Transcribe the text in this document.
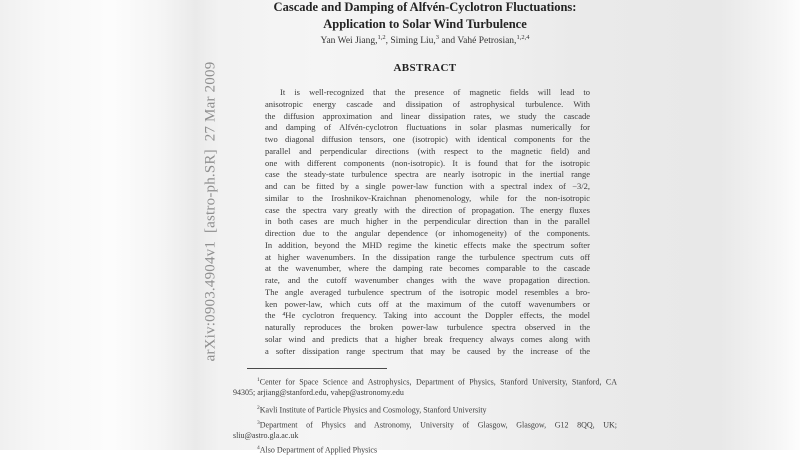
arXiv:0903.4904v1  [astro-ph.SR]  27 Mar 2009
Cascade and Damping of Alfvén-Cyclotron Fluctuations:
Application to Solar Wind Turbulence
Yan Wei Jiang,$^{1,2}$, Siming Liu,$^3$ and Vahé Petrosian,$^{1,2,4}$
ABSTRACT
It is well-recognized that the presence of magnetic fields will lead to
anisotropic energy cascade and dissipation of astrophysical turbulence. With
the diffusion approximation and linear dissipation rates, we study the cascade
and damping of Alfvén-cyclotron fluctuations in solar plasmas numerically for
two diagonal diffusion tensors, one (isotropic) with identical components for the
parallel and perpendicular directions (with respect to the magnetic field) and
one with different components (non-isotropic). It is found that for the isotropic
case the steady-state turbulence spectra are nearly isotropic in the inertial range
and can be fitted by a single power-law function with a spectral index of −3/2,
similar to the Iroshnikov-Kraichnan phenomenology, while for the non-isotropic
case the spectra vary greatly with the direction of propagation. The energy fluxes
in both cases are much higher in the perpendicular direction than in the parallel
direction due to the angular dependence (or inhomogeneity) of the components.
In addition, beyond the MHD regime the kinetic effects make the spectrum softer
at higher wavenumbers. In the dissipation range the turbulence spectrum cuts off
at the wavenumber, where the damping rate becomes comparable to the cascade
rate, and the cutoff wavenumber changes with the wave propagation direction.
The angle averaged turbulence spectrum of the isotropic model resembles a bro-
ken power-law, which cuts off at the maximum of the cutoff wavenumbers or
the ⁴He cyclotron frequency. Taking into account the Doppler effects, the model
naturally reproduces the broken power-law turbulence spectra observed in the
solar wind and predicts that a higher break frequency always comes along with
a softer dissipation range spectrum that may be caused by the increase of the
$^1$Center for Space Science and Astrophysics, Department of Physics, Stanford University, Stanford, CA
94305; arjiang@stanford.edu, vahep@astronomy.edu
$^2$Kavli Institute of Particle Physics and Cosmology, Stanford University
$^3$Department of Physics and Astronomy, University of Glasgow, Glasgow, G12 8QQ, UK;
sliu@astro.gla.ac.uk
$^4$Also Department of Applied Physics
